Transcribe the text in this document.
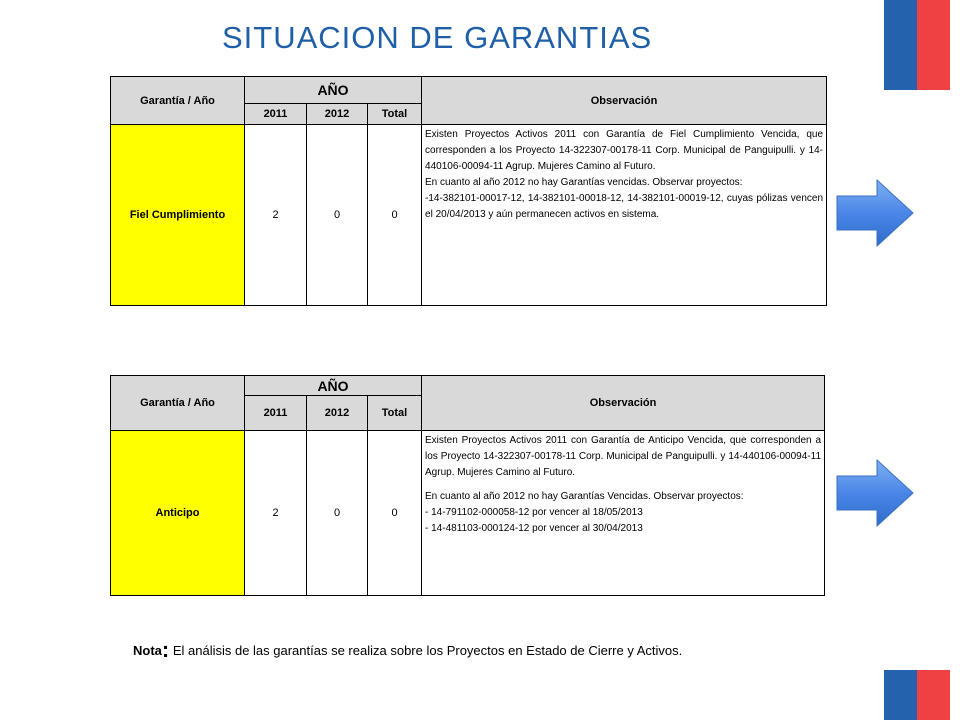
SITUACION DE GARANTIAS
Garantía / Año	AÑO			Observación
	2011	2012	Total	
Fiel Cumplimiento	2	0	0	Existen Proyectos Activos 2011 con Garantía de Fiel Cumplimiento Vencida, que corresponden a los Proyecto 14-322307-00178-11 Corp. Municipal de Panguipulli. y 14-440106-00094-11 Agrup. Mujeres Camino al Futuro.

En cuanto al año 2012 no hay Garantías vencidas. Observar proyectos:

-14-382101-00017-12, 14-382101-00018-12, 14-382101-00019-12, cuyas pólizas vencen el 20/04/2013 y aún permanecen activos en sistema.

Garantía / Año	AÑO			Observación
	2011	2012	Total	
Anticipo	2	0	0	Existen Proyectos Activos 2011 con Garantía de Anticipo Vencida, que corresponden a los Proyecto 14-322307-00178-11 Corp. Municipal de Panguipulli. y 14-440106-00094-11 Agrup. Mujeres Camino al Futuro.

En cuanto al año 2012 no hay Garantías Vencidas. Observar proyectos:

- 14-791102-000058-12 por vencer al 18/05/2013

- 14-481103-000124-12 por vencer al 30/04/2013

Nota: El análisis de las garantías se realiza sobre los Proyectos en Estado de Cierre y Activos.
